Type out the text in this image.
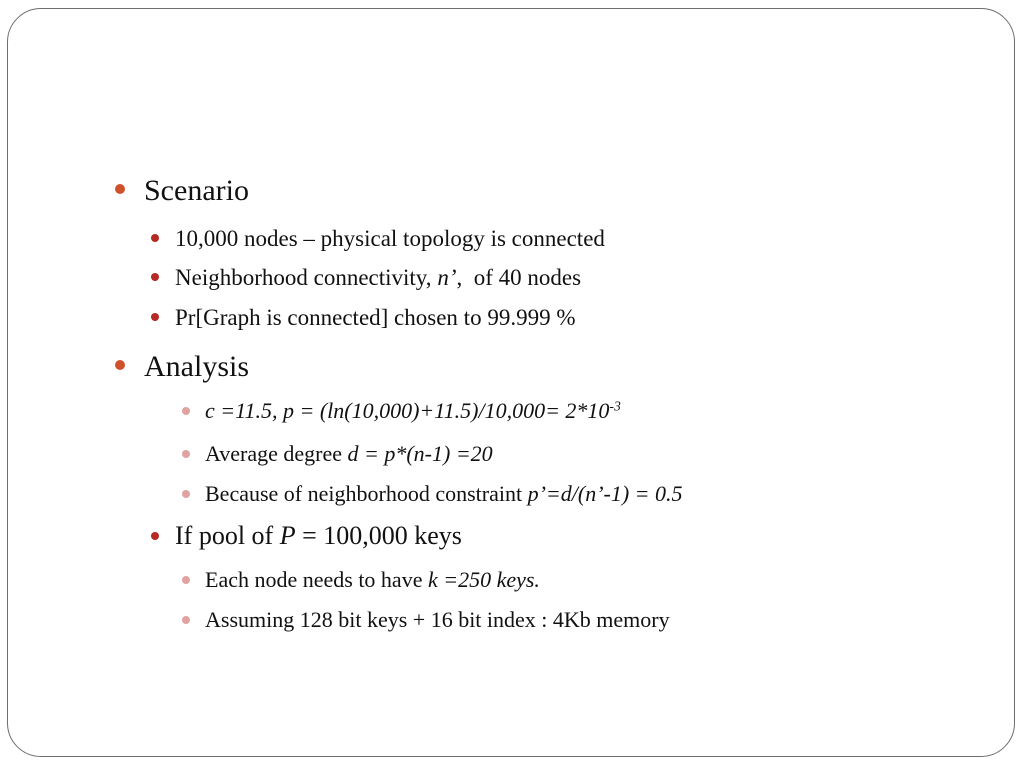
Scenario
10,000 nodes – physical topology is connected
Neighborhood connectivity, n’,  of 40 nodes
Pr[Graph is connected] chosen to 99.999 %
Analysis
c =11.5, $p = (\ln(10,000)+11.5)/10,000= 2*10^{-3}$
Average degree d = p*(n-1) =20
Because of neighborhood constraint p’=d/(n’-1) = 0.5
If pool of P = 100,000 keys
Each node needs to have k =250 keys.
Assuming 128 bit keys + 16 bit index : 4Kb memory
